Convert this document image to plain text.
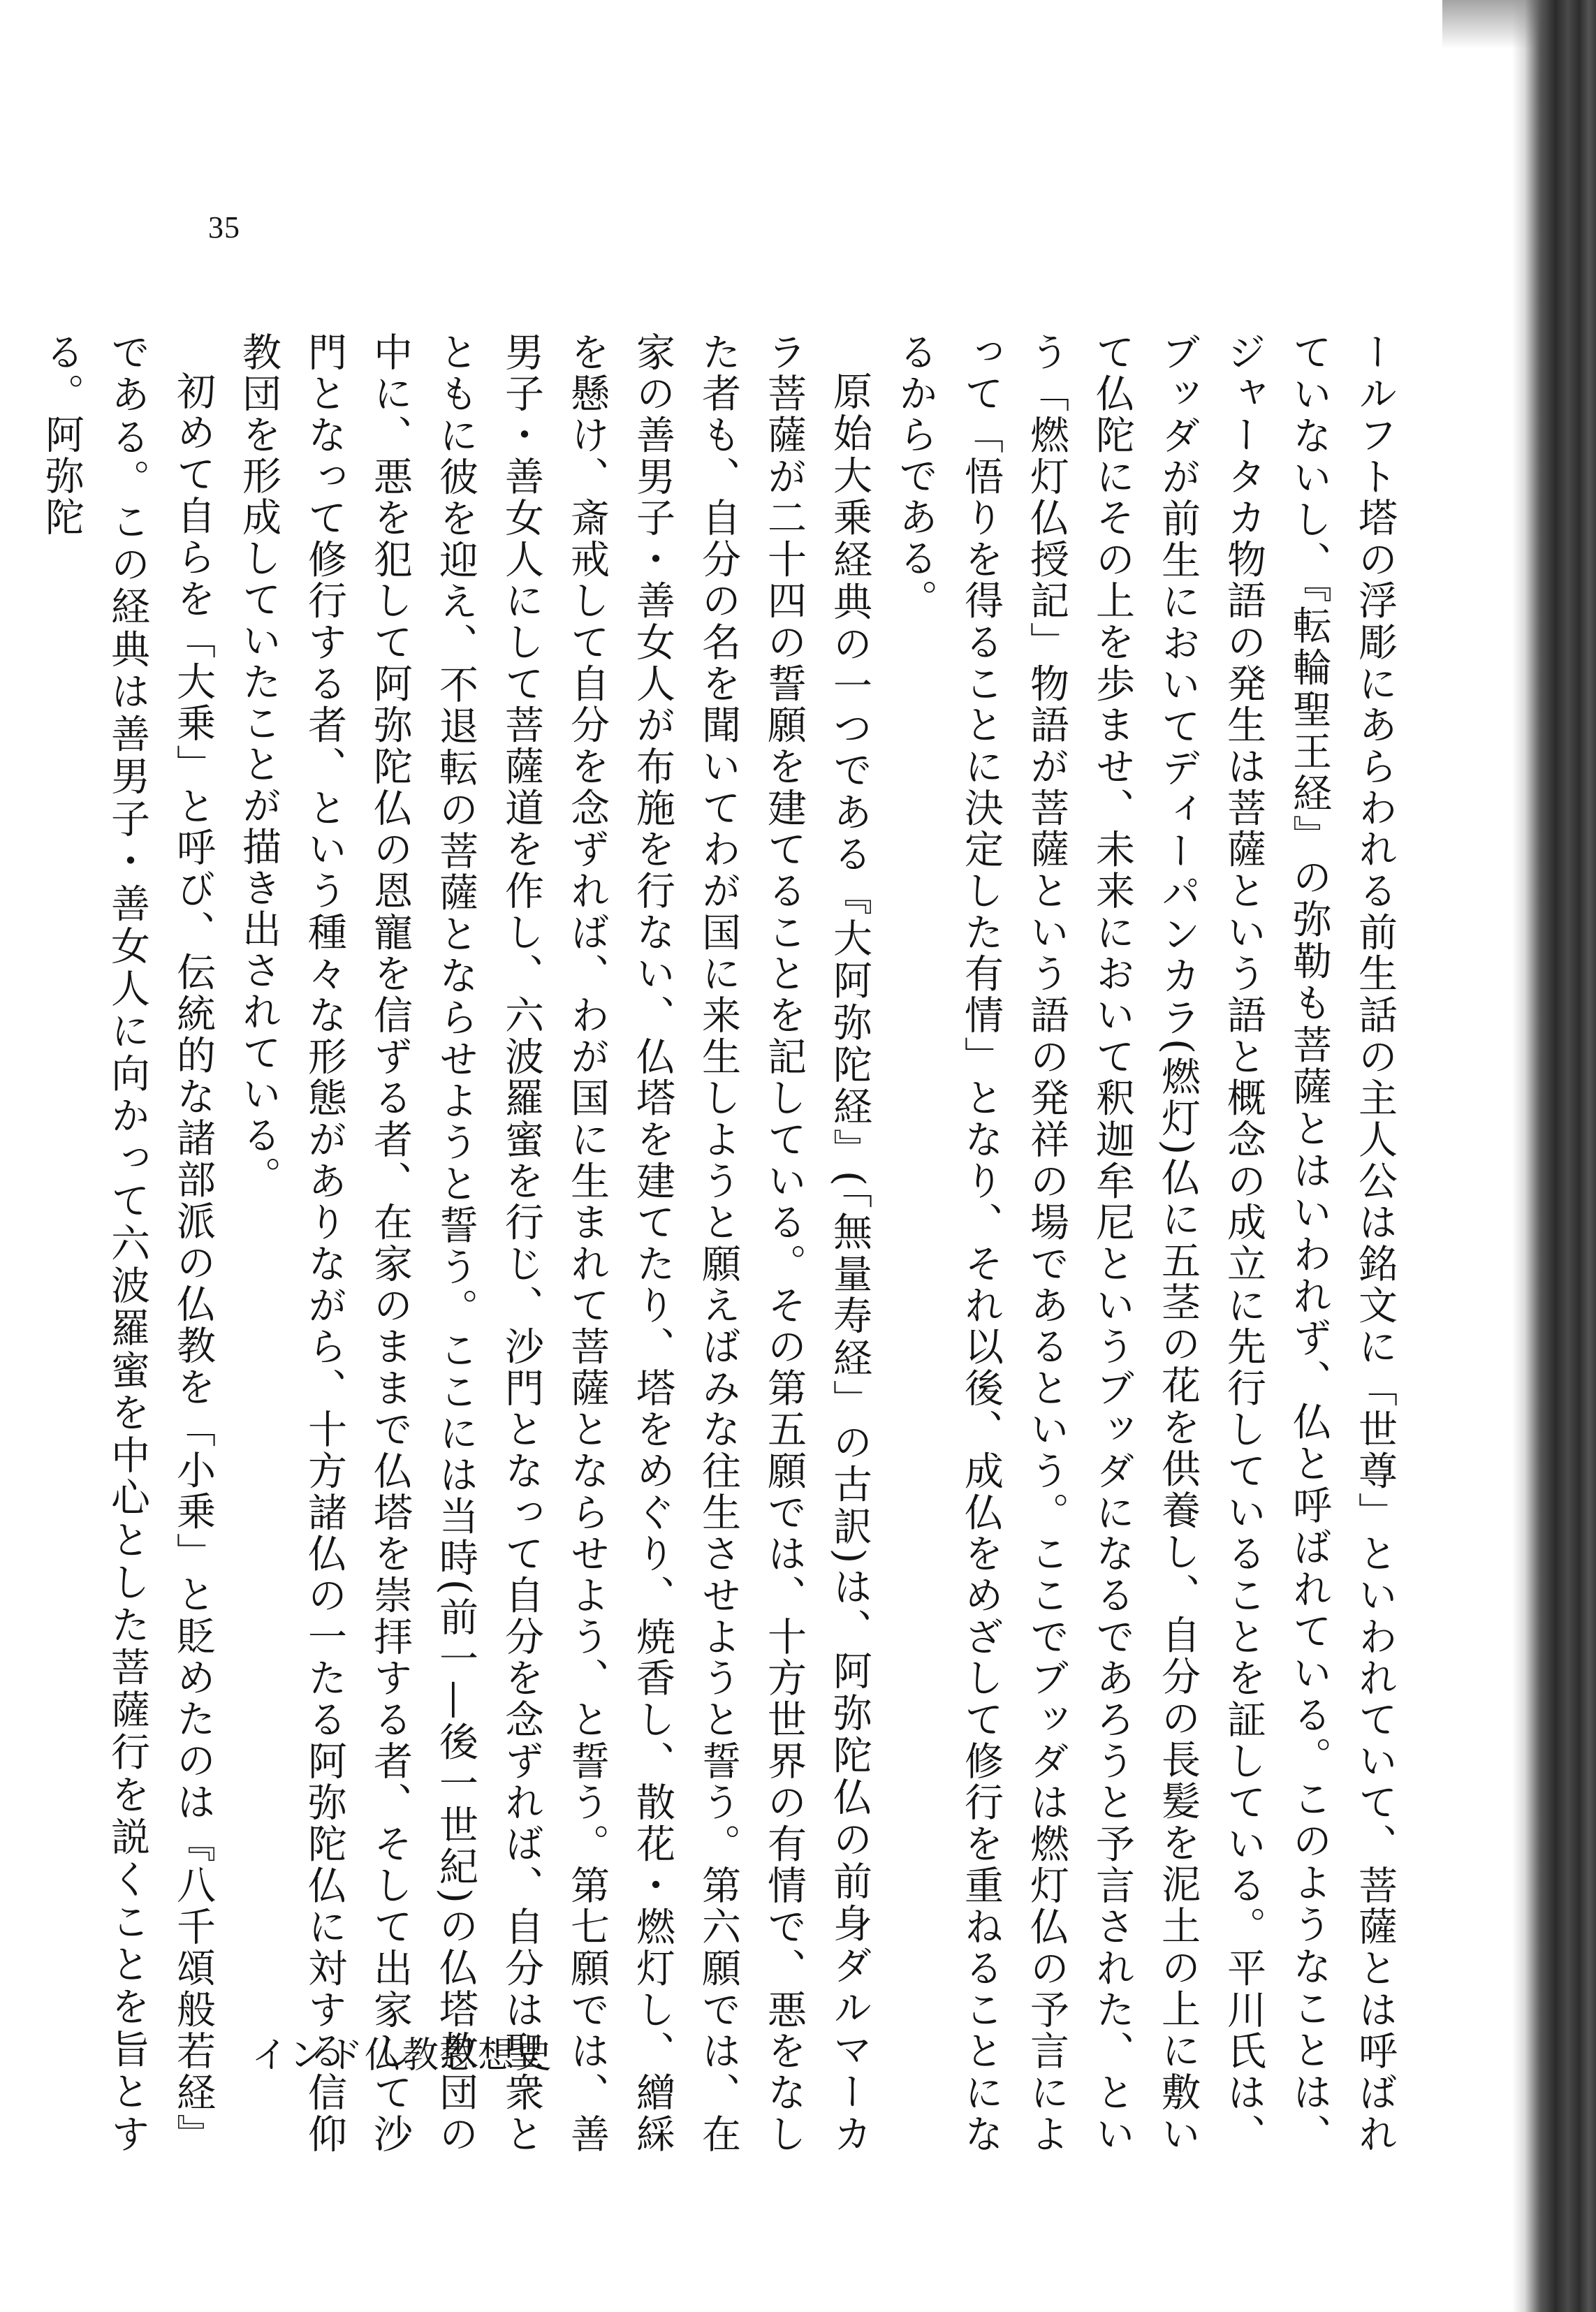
35

ールフト塔の浮彫にあらわれる前生話の主人公は銘文に「世尊」といわれていて、菩薩とは呼ばれていないし、『転輪聖王経』の弥勒も菩薩とはいわれず、仏と呼ばれている。このようなことは、ジャータカ物語の発生は菩薩という語と概念の成立に先行していることを証している。平川氏は、ブッダが前生においてディーパンカラ(燃灯)仏に五茎の花を供養し、自分の長髪を泥土の上に敷いて仏陀にその上を歩ませ、未来において釈迦牟尼というブッダになるであろうと予言された、という「燃灯仏授記」物語が菩薩という語の発祥の場であるという。ここでブッダは燃灯仏の予言によって「悟りを得ることに決定した有情」となり、それ以後、成仏をめざして修行を重ねることになるからである。

原始大乗経典の一つである『大阿弥陀経』(「無量寿経」の古訳)は、阿弥陀仏の前身ダルマーカラ菩薩が二十四の誓願を建てることを記している。その第五願では、十方世界の有情で、悪をなした者も、自分の名を聞いてわが国に来生しようと願えばみな往生させようと誓う。第六願では、在家の善男子・善女人が布施を行ない、仏塔を建てたり、塔をめぐり、焼香し、散花・燃灯し、繒綵を懸け、斎戒して自分を念ずれば、わが国に生まれて菩薩とならせよう、と誓う。第七願では、善男子・善女人にして菩薩道を作し、六波羅蜜を行じ、沙門となって自分を念ずれば、自分は聖衆とともに彼を迎え、不退転の菩薩とならせようと誓う。ここには当時(前一—後一世紀)の仏塔教団の中に、悪を犯して阿弥陀仏の恩寵を信ずる者、在家のままで仏塔を崇拝する者、そして出家して沙門となって修行する者、という種々な形態がありながら、十方諸仏の一たる阿弥陀仏に対する信仰教団を形成していたことが描き出されている。

初めて自らを「大乗」と呼び、伝統的な諸部派の仏教を「小乗」と貶めたのは『八千頌般若経』である。この経典は善男子・善女人に向かって六波羅蜜を中心とした菩薩行を説くことを旨とする。阿弥陀

インド仏教思想史
